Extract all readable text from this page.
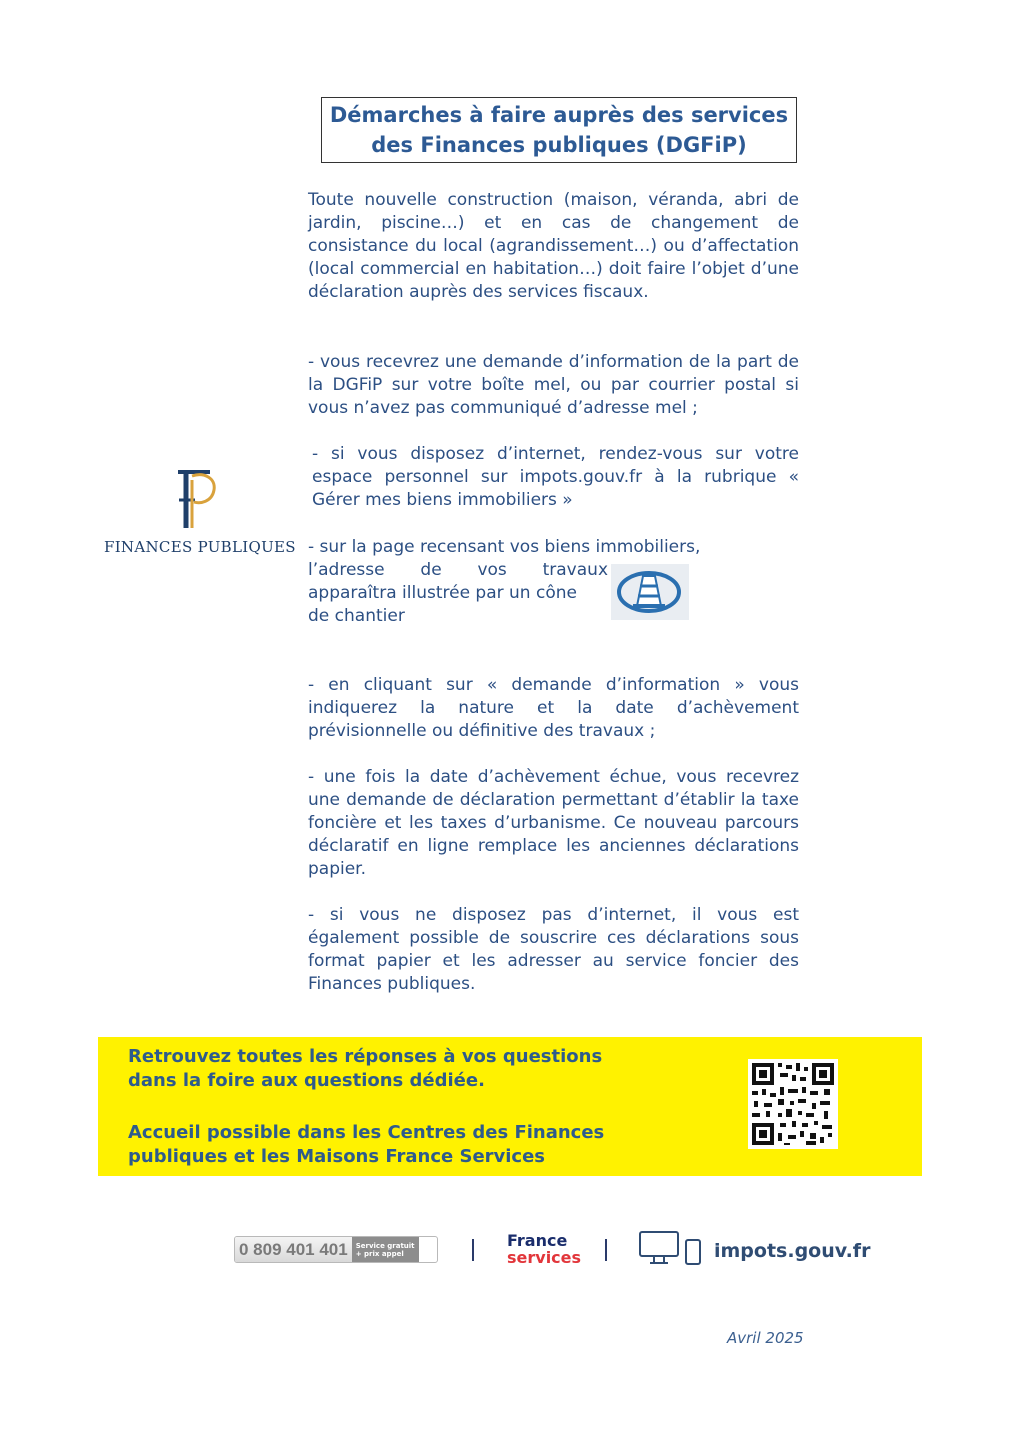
Démarches à faire auprès des services
des Finances publiques (DGFiP)
FINANCES PUBLIQUES
Toute nouvelle construction (maison, véranda, abri de jardin, piscine…) et en cas de changement de consistance du local (agrandissement…) ou d’affectation (local commercial en habitation…) doit faire l’objet d’une déclaration auprès des services fiscaux.
- vous recevrez une demande d’information de la part de la DGFiP sur votre boîte mel, ou par courrier postal si vous n’avez pas communiqué d’adresse mel ;
- si vous disposez d’internet, rendez-vous sur votre espace personnel sur impots.gouv.fr à la rubrique « Gérer mes biens immobiliers »
- sur la page recensant vos biens immobiliers,
l’adresse de vos travaux
apparaîtra illustrée par un cône
de chantier
- en cliquant sur « demande d’information » vous indiquerez la nature et la date d’achèvement prévisionnelle ou définitive des travaux ;
- une fois la date d’achèvement échue, vous recevrez une demande de déclaration permettant d’établir la taxe foncière et les taxes d’urbanisme. Ce nouveau parcours déclaratif en ligne remplace les anciennes déclarations papier.
- si vous ne disposez pas d’internet, il vous est également possible de souscrire ces déclarations sous format papier et les adresser au service foncier des Finances publiques.
Retrouvez toutes les réponses à vos questions
dans la foire aux questions dédiée.
Accueil possible dans les Centres des Finances
publiques et les Maisons France Services
0 809 401 401	Service gratuit
+ prix appel
France
services	impots.gouv.fr
Avril 2025
